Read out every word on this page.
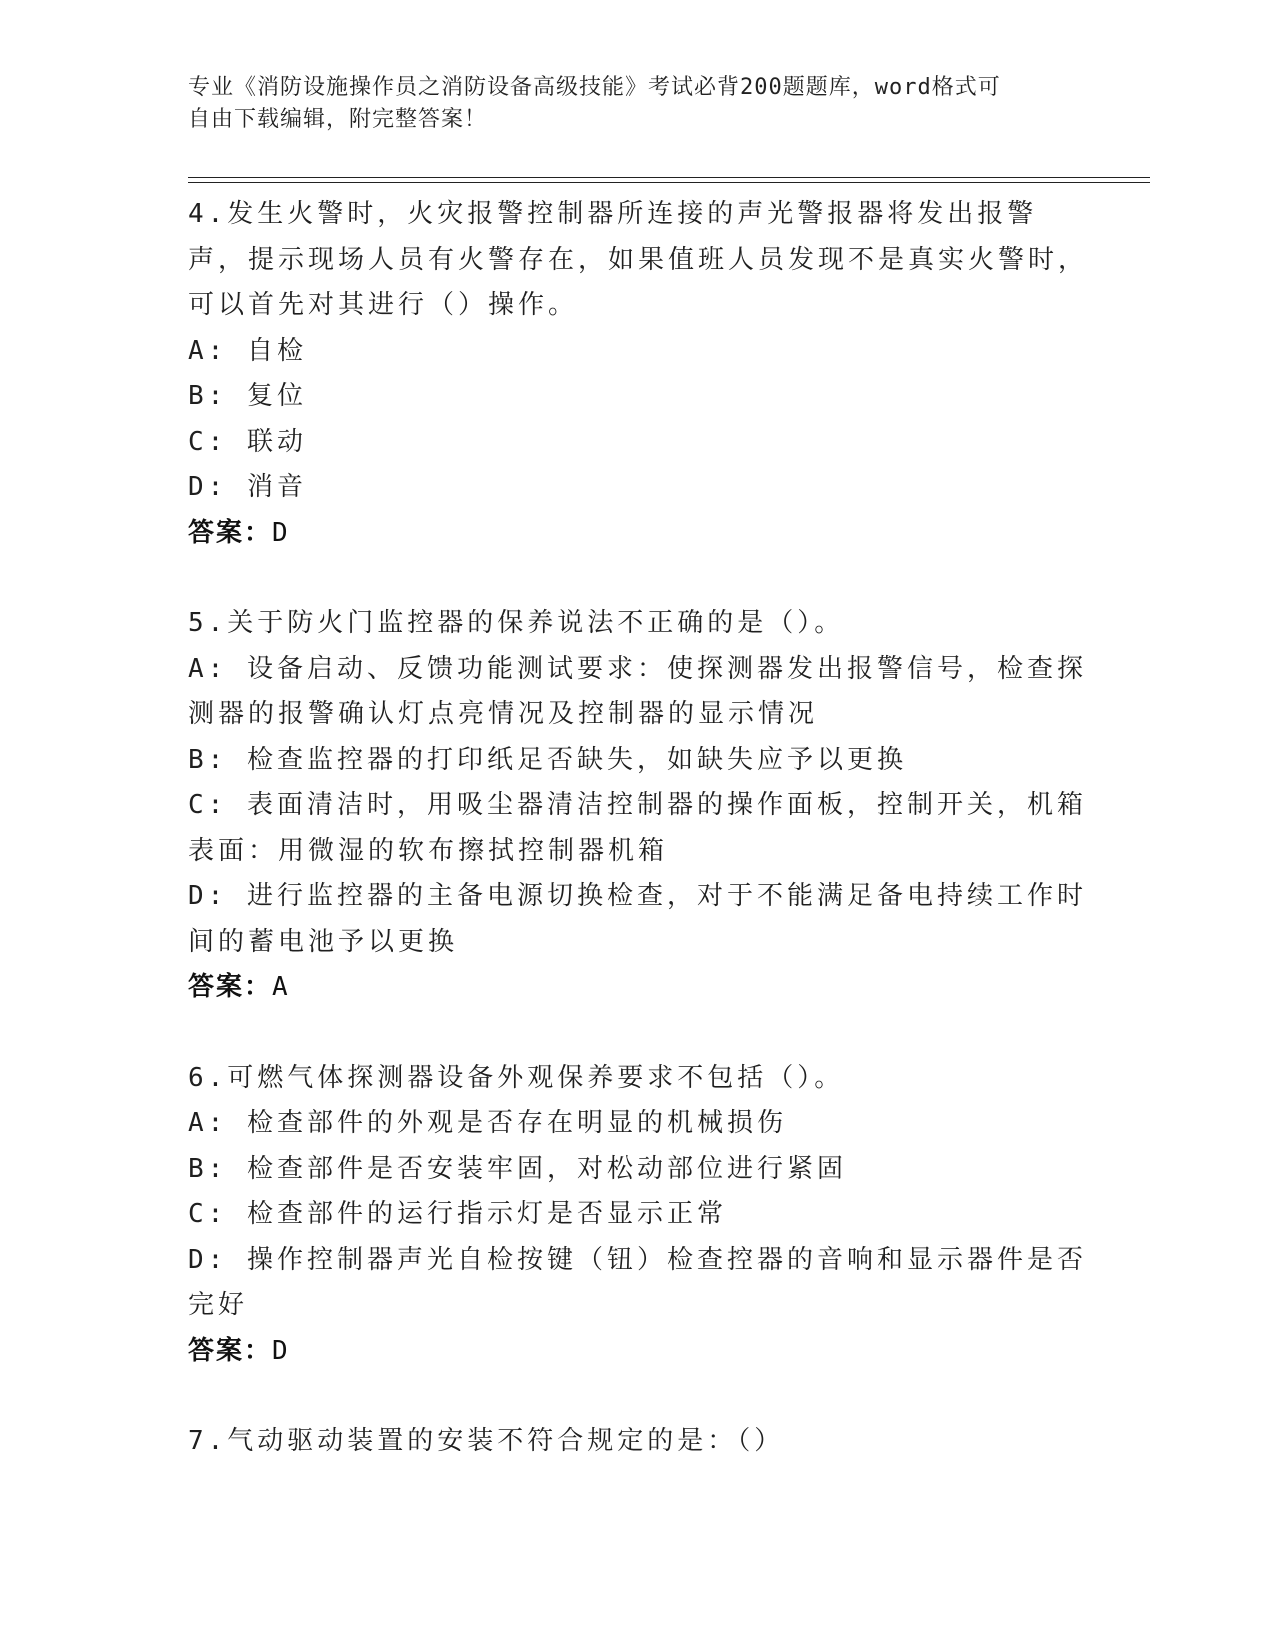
专业《消防设施操作员之消防设备高级技能》考试必背200题题库，word格式可
自由下载编辑，附完整答案！

4.发生火警时，火灾报警控制器所连接的声光警报器将发出报警声，提示现场人员有火警存在，如果值班人员发现不是真实火警时，可以首先对其进行（）操作。

A: 自检

B: 复位

C: 联动

D: 消音

答案：D

5.关于防火门监控器的保养说法不正确的是（）。

A: 设备启动、反馈功能测试要求：使探测器发出报警信号，检查探测器的报警确认灯点亮情况及控制器的显示情况

B: 检查监控器的打印纸足否缺失，如缺失应予以更换

C: 表面清洁时，用吸尘器清洁控制器的操作面板，控制开关，机箱表面：用微湿的软布擦拭控制器机箱

D: 进行监控器的主备电源切换检查，对于不能满足备电持续工作时间的蓄电池予以更换

答案：A

6.可燃气体探测器设备外观保养要求不包括（）。

A: 检查部件的外观是否存在明显的机械损伤

B: 检查部件是否安装牢固，对松动部位进行紧固

C: 检查部件的运行指示灯是否显示正常

D: 操作控制器声光自检按键（钮）检查控器的音响和显示器件是否完好

答案：D

7.气动驱动装置的安装不符合规定的是：（）
